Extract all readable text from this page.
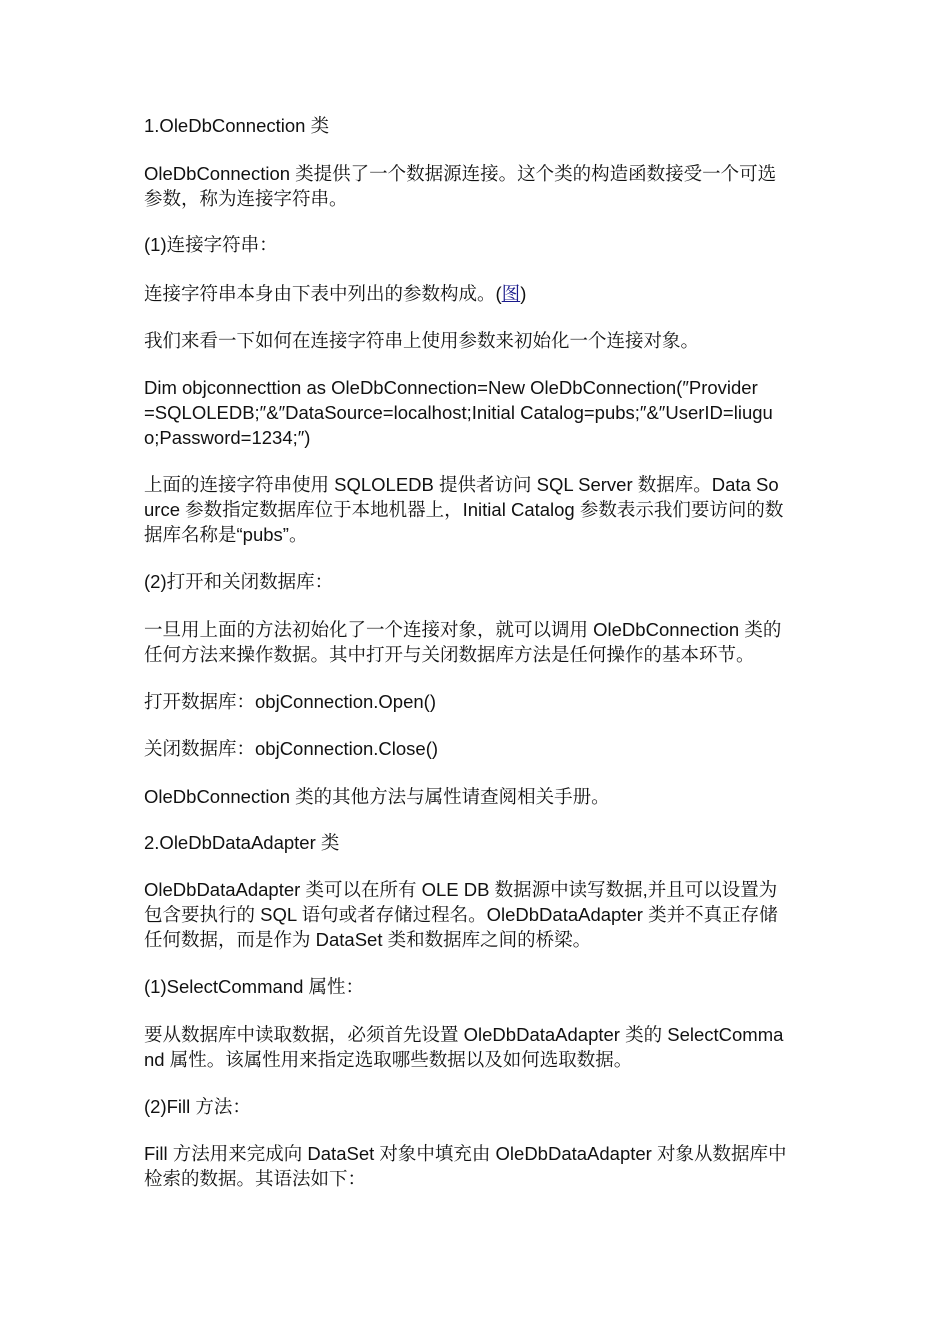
1.OleDbConnection 类

OleDbConnection 类提供了一个数据源连接。这个类的构造函数接受一个可选
参数，称为连接字符串。

(1)连接字符串：

连接字符串本身由下表中列出的参数构成。(图)

我们来看一下如何在连接字符串上使用参数来初始化一个连接对象。

Dim objconnecttion as OleDbConnection=New OleDbConnection(″Provider
=SQLOLEDB;″&″DataSource=localhost;Initial Catalog=pubs;″&″UserID=liugu
o;Password=1234;″)

上面的连接字符串使用 SQLOLEDB 提供者访问 SQL Server 数据库。Data So
urce 参数指定数据库位于本地机器上，Initial Catalog 参数表示我们要访问的数
据库名称是“pubs”。

(2)打开和关闭数据库：

一旦用上面的方法初始化了一个连接对象，就可以调用 OleDbConnection 类的
任何方法来操作数据。其中打开与关闭数据库方法是任何操作的基本环节。

打开数据库：objConnection.Open()

关闭数据库：objConnection.Close()

OleDbConnection 类的其他方法与属性请查阅相关手册。

2.OleDbDataAdapter 类

OleDbDataAdapter 类可以在所有 OLE DB 数据源中读写数据,并且可以设置为
包含要执行的 SQL 语句或者存储过程名。OleDbDataAdapter 类并不真正存储
任何数据，而是作为 DataSet 类和数据库之间的桥梁。

(1)SelectCommand 属性：

要从数据库中读取数据，必须首先设置 OleDbDataAdapter 类的 SelectComma
nd 属性。该属性用来指定选取哪些数据以及如何选取数据。

(2)Fill 方法：

Fill 方法用来完成向 DataSet 对象中填充由 OleDbDataAdapter 对象从数据库中
检索的数据。其语法如下：
